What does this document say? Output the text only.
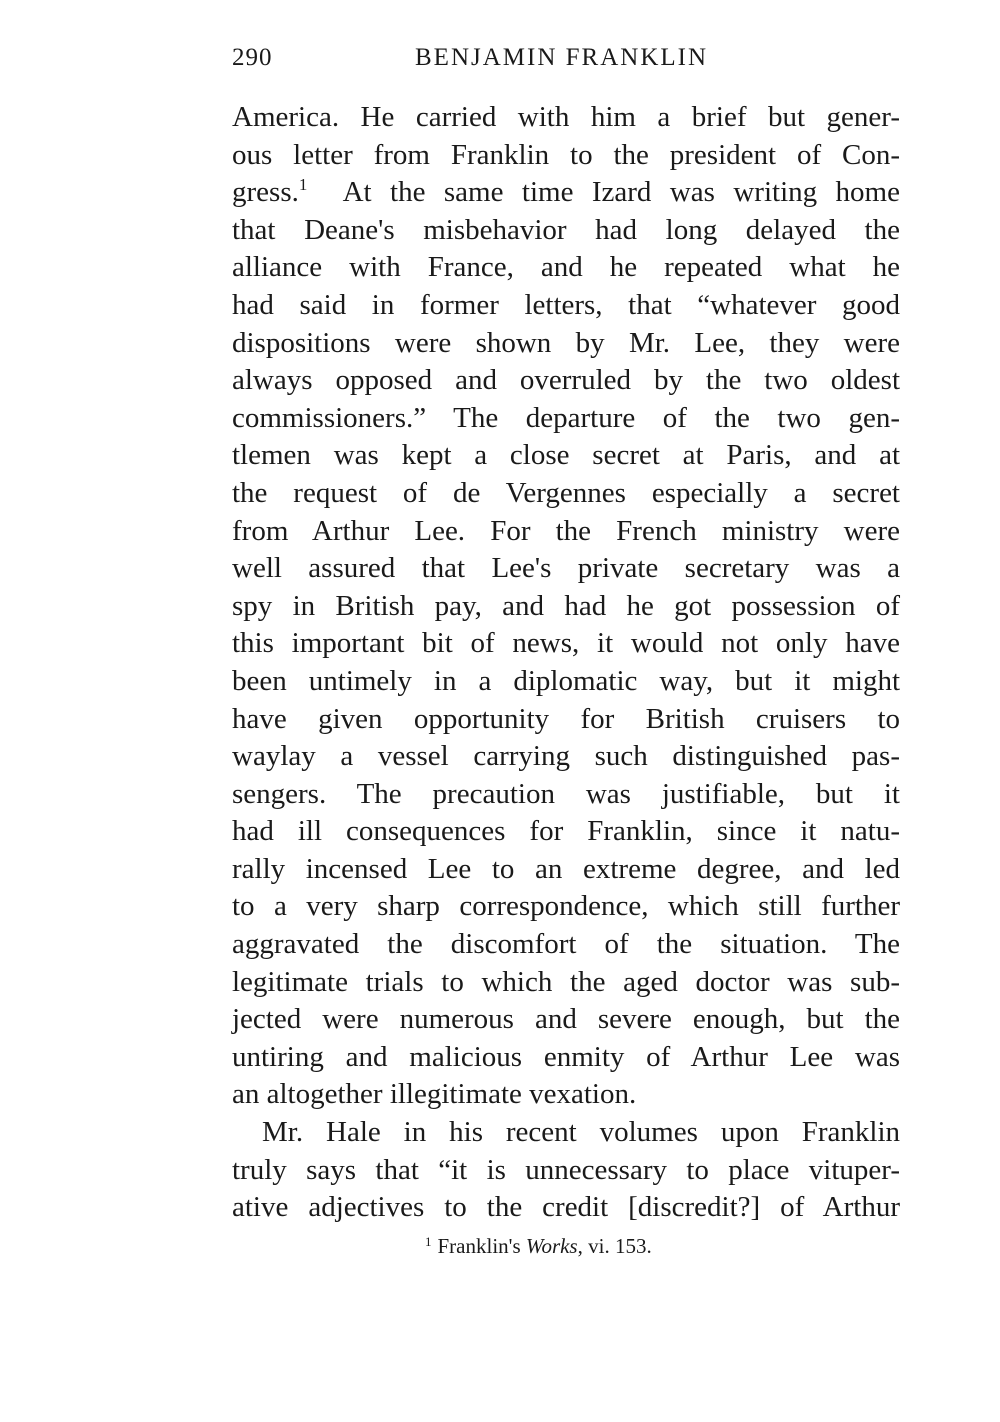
290	BENJAMIN FRANKLIN
America. He carried with him a brief but gener-
ous letter from Franklin to the president of Con-
gress.$^1$  At the same time Izard was writing home
that Deane's misbehavior had long delayed the
alliance with France, and he repeated what he
had said in former letters, that “whatever good
dispositions were shown by Mr. Lee, they were
always opposed and overruled by the two oldest
commissioners.” The departure of the two gen-
tlemen was kept a close secret at Paris, and at
the request of de Vergennes especially a secret
from Arthur Lee. For the French ministry were
well assured that Lee's private secretary was a
spy in British pay, and had he got possession of
this important bit of news, it would not only have
been untimely in a diplomatic way, but it might
have given opportunity for British cruisers to
waylay a vessel carrying such distinguished pas-
sengers. The precaution was justifiable, but it
had ill consequences for Franklin, since it natu-
rally incensed Lee to an extreme degree, and led
to a very sharp correspondence, which still further
aggravated the discomfort of the situation. The
legitimate trials to which the aged doctor was sub-
jected were numerous and severe enough, but the
untiring and malicious enmity of Arthur Lee was
an altogether illegitimate vexation.
Mr. Hale in his recent volumes upon Franklin
truly says that “it is unnecessary to place vituper-
ative adjectives to the credit [discredit?] of Arthur
$^1$ Franklin's Works, vi. 153.
